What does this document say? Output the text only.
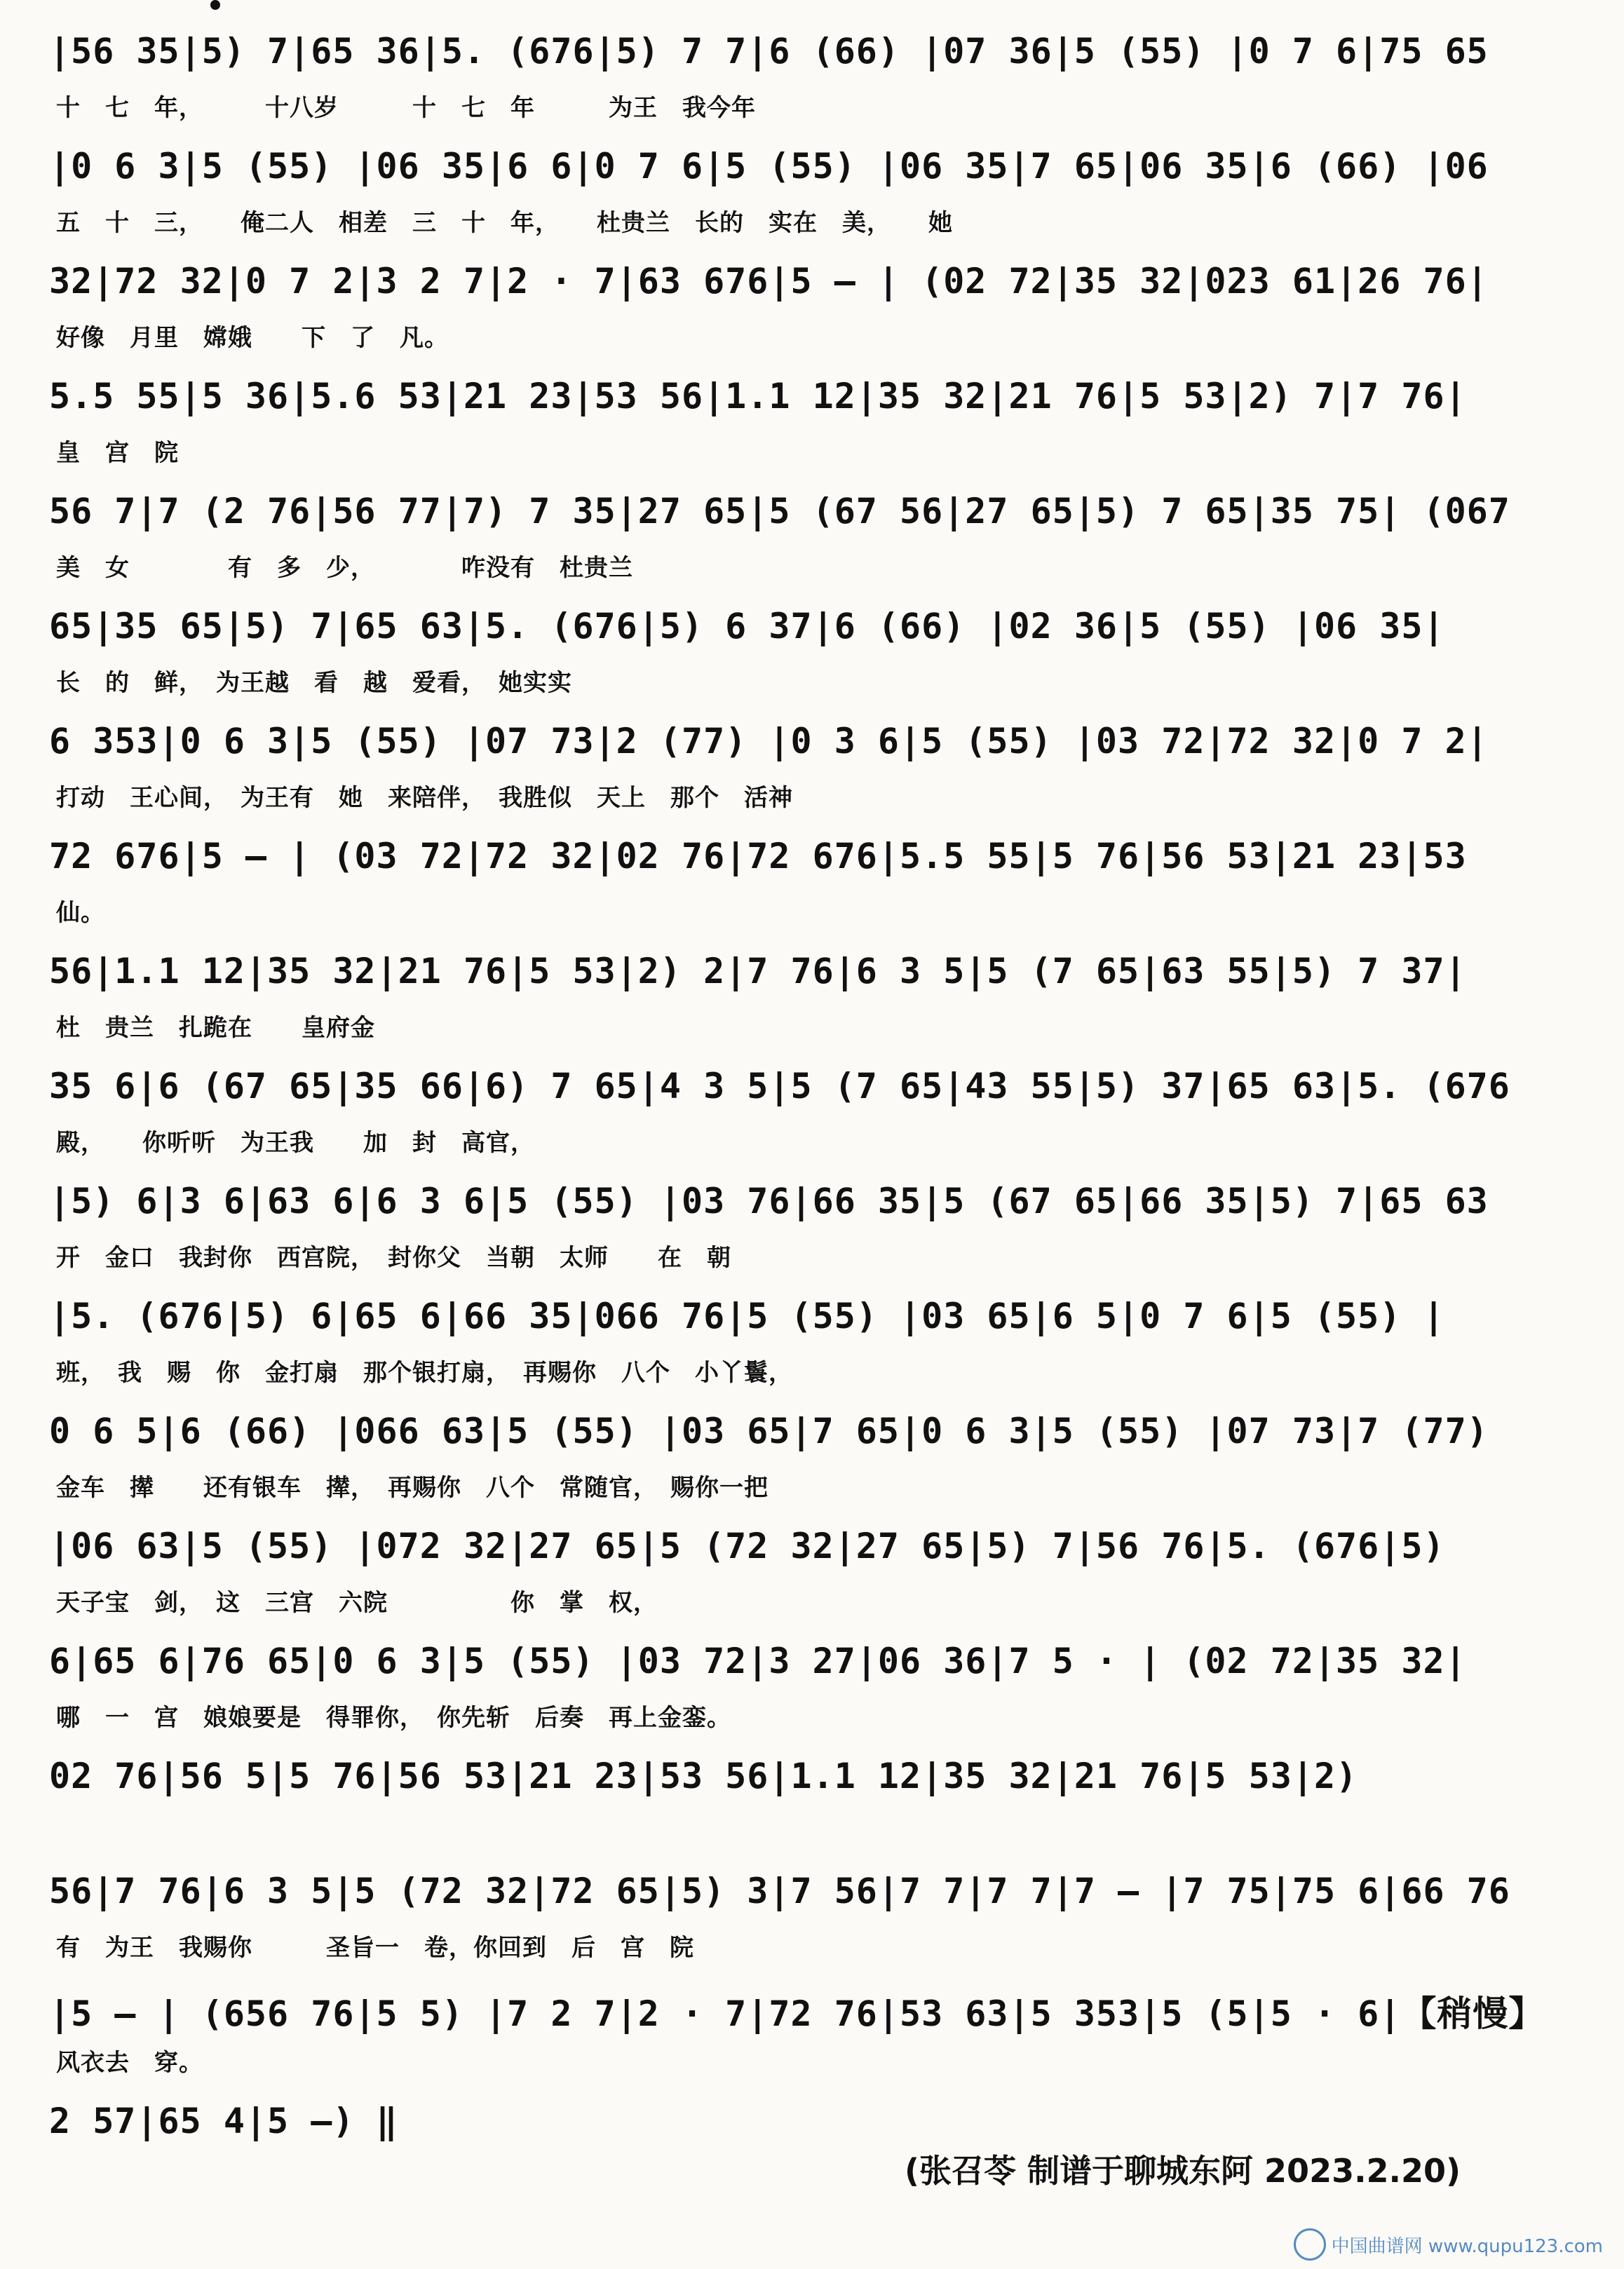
|56 35|5) 7|65 36|5. (676|5) 7 7|6 (66) |07 36|5 (55) |0 7 6|75 65
十　七　年，　　　十八岁　　　十　七　年　　　为王　我今年
|0 6 3|5 (55) |06 35|6 6|0 7 6|5 (55) |06 35|7 65|06 35|6 (66) |06
五　十　三，　　俺二人　相差　三　十　年，　　杜贵兰　长的　实在　美，　　她
32|72 32|0 7 2|3 2 7|2 · 7|63 676|5 — | (02 72|35 32|023 61|26 76|
好像　月里　嫦娥　　下　了　凡。
5.5 55|5 36|5.6 53|21 23|53 56|1.1 12|35 32|21 76|5 53|2) 7|7 76|
皇　宫　院
56 7|7 (2 76|56 77|7) 7 35|27 65|5 (67 56|27 65|5) 7 65|35 75| (067
美　女　　　　有　多　少，　　　　咋没有　杜贵兰
65|35 65|5) 7|65 63|5. (676|5) 6 37|6 (66) |02 36|5 (55) |06 35|
长　的　鲜，　为王越　看　越　爱看，　她实实
6 353|0 6 3|5 (55) |07 73|2 (77) |0 3 6|5 (55) |03 72|72 32|0 7 2|
打动　王心间，　为王有　她　来陪伴，　我胜似　天上　那个　活神
72 676|5 — | (03 72|72 32|02 76|72 676|5.5 55|5 76|56 53|21 23|53
仙。
56|1.1 12|35 32|21 76|5 53|2) 2|7 76|6 3 5|5 (7 65|63 55|5) 7 37|
杜　贵兰　扎跪在　　皇府金
35 6|6 (67 65|35 66|6) 7 65|4 3 5|5 (7 65|43 55|5) 37|65 63|5. (676
殿，　　你听听　为王我　　加　封　高官，
|5) 6|3 6|63 6|6 3 6|5 (55) |03 76|66 35|5 (67 65|66 35|5) 7|65 63
开　金口　我封你　西宫院，　封你父　当朝　太师　　在　朝
|5. (676|5) 6|65 6|66 35|066 76|5 (55) |03 65|6 5|0 7 6|5 (55) |
班，　我　赐　你　金打扇　那个银打扇，　再赐你　八个　小丫鬟，
0 6 5|6 (66) |066 63|5 (55) |03 65|7 65|0 6 3|5 (55) |07 73|7 (77)
金车　撵　　还有银车　撵，　再赐你　八个　常随官，　赐你一把
|06 63|5 (55) |072 32|27 65|5 (72 32|27 65|5) 7|56 76|5. (676|5)
天子宝　剑，　这　三宫　六院　　　　　你　掌　权，
6|65 6|76 65|0 6 3|5 (55) |03 72|3 27|06 36|7 5 · | (02 72|35 32|
哪　一　宫　娘娘要是　得罪你，　你先斩　后奏　再上金銮。
02 76|56 5|5 76|56 53|21 23|53 56|1.1 12|35 32|21 76|5 53|2)
56|7 76|6 3 5|5 (72 32|72 65|5) 3|7 56|7 7|7 7|7 — |7 75|75 6|66 76
有　为王　我赐你　　　圣旨一　卷，你回到　后　宫　院
|5 — | (656 76|5 5) |7 2 7|2 · 7|72 76|53 63|5 353|5 (5|5 · 6|【稍慢】
风衣去　穿。
2 57|65 4|5 —) ‖
(张召苓 制谱于聊城东阿 2023.2.20)
中国曲谱网 www.qupu123.com
